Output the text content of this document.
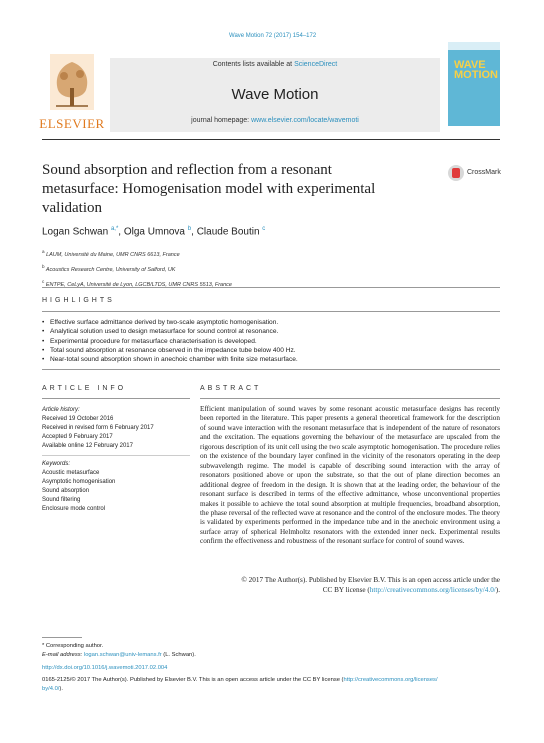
Wave Motion 72 (2017) 154–172
ELSEVIER
Contents lists available at ScienceDirect
Wave Motion
journal homepage: www.elsevier.com/locate/wavemoti
WAVE
MOTION
Sound absorption and reflection from a resonant metasurface: Homogenisation model with experimental validation
CrossMark
Logan Schwan $^{a,*}$, Olga Umnova $^b$, Claude Boutin $^c$
$^a$ LAUM, Université du Maine, UMR CNRS 6613, France
$^b$ Acoustics Research Centre, University of Salford, UK
$^c$ ENTPE, CeLyA, Université de Lyon, LGCB/LTDS, UMR CNRS 5513, France
HIGHLIGHTS
• Effective surface admittance derived by two-scale asymptotic homogenisation.
• Analytical solution used to design metasurface for sound control at resonance.
• Experimental procedure for metasurface characterisation is developed.
• Total sound absorption at resonance observed in the impedance tube below 400 Hz.
• Near-total sound absorption shown in anechoic chamber with finite size metasurface.
ARTICLE INFO
Article history:
Received 19 October 2016
Received in revised form 6 February 2017
Accepted 9 February 2017
Available online 12 February 2017
Keywords:
Acoustic metasurface
Asymptotic homogenisation
Sound absorption
Sound filtering
Enclosure mode control
ABSTRACT
Efficient manipulation of sound waves by some resonant acoustic metasurface designs has recently been reported in the literature. This paper presents a general theoretical framework for the description of sound wave interaction with the resonant metasurface that is independent of the nature of resonators and the excitation. The equations governing the behaviour of the metasurface are upscaled from the rigorous description of its unit cell using the two scale asymptotic homogenisation. The procedure relies on the existence of the boundary layer confined in the vicinity of the resonators operating in the deep subwavelength regime. The model is capable of describing sound interaction with the array of resonators positioned above or upon the substrate, so that the out of plane direction becomes an additional degree of freedom in the design. It is shown that at the leading order, the behaviour of the resonant surface is described in terms of the effective admittance, whose unconventional properties makes it possible to achieve the total sound absorption at multiple frequencies, broadband absorption, the phase reversal of the reflected wave at resonance and the control of the enclosure modes. The theory is validated by experiments performed in the impedance tube and in the anechoic environment using a surface array of spherical Helmholtz resonators with the extended inner neck. Experimental results confirm the effectiveness and robustness of the resonant surface for control of sound waves.
© 2017 The Author(s). Published by Elsevier B.V. This is an open access article under the
CC BY license (http://creativecommons.org/licenses/by/4.0/).
* Corresponding author.
E-mail address: logan.schwan@univ-lemans.fr (L. Schwan).
http://dx.doi.org/10.1016/j.wavemoti.2017.02.004
0165-2125/© 2017 The Author(s). Published by Elsevier B.V. This is an open access article under the CC BY license (http://creativecommons.org/licenses/
by/4.0/).
